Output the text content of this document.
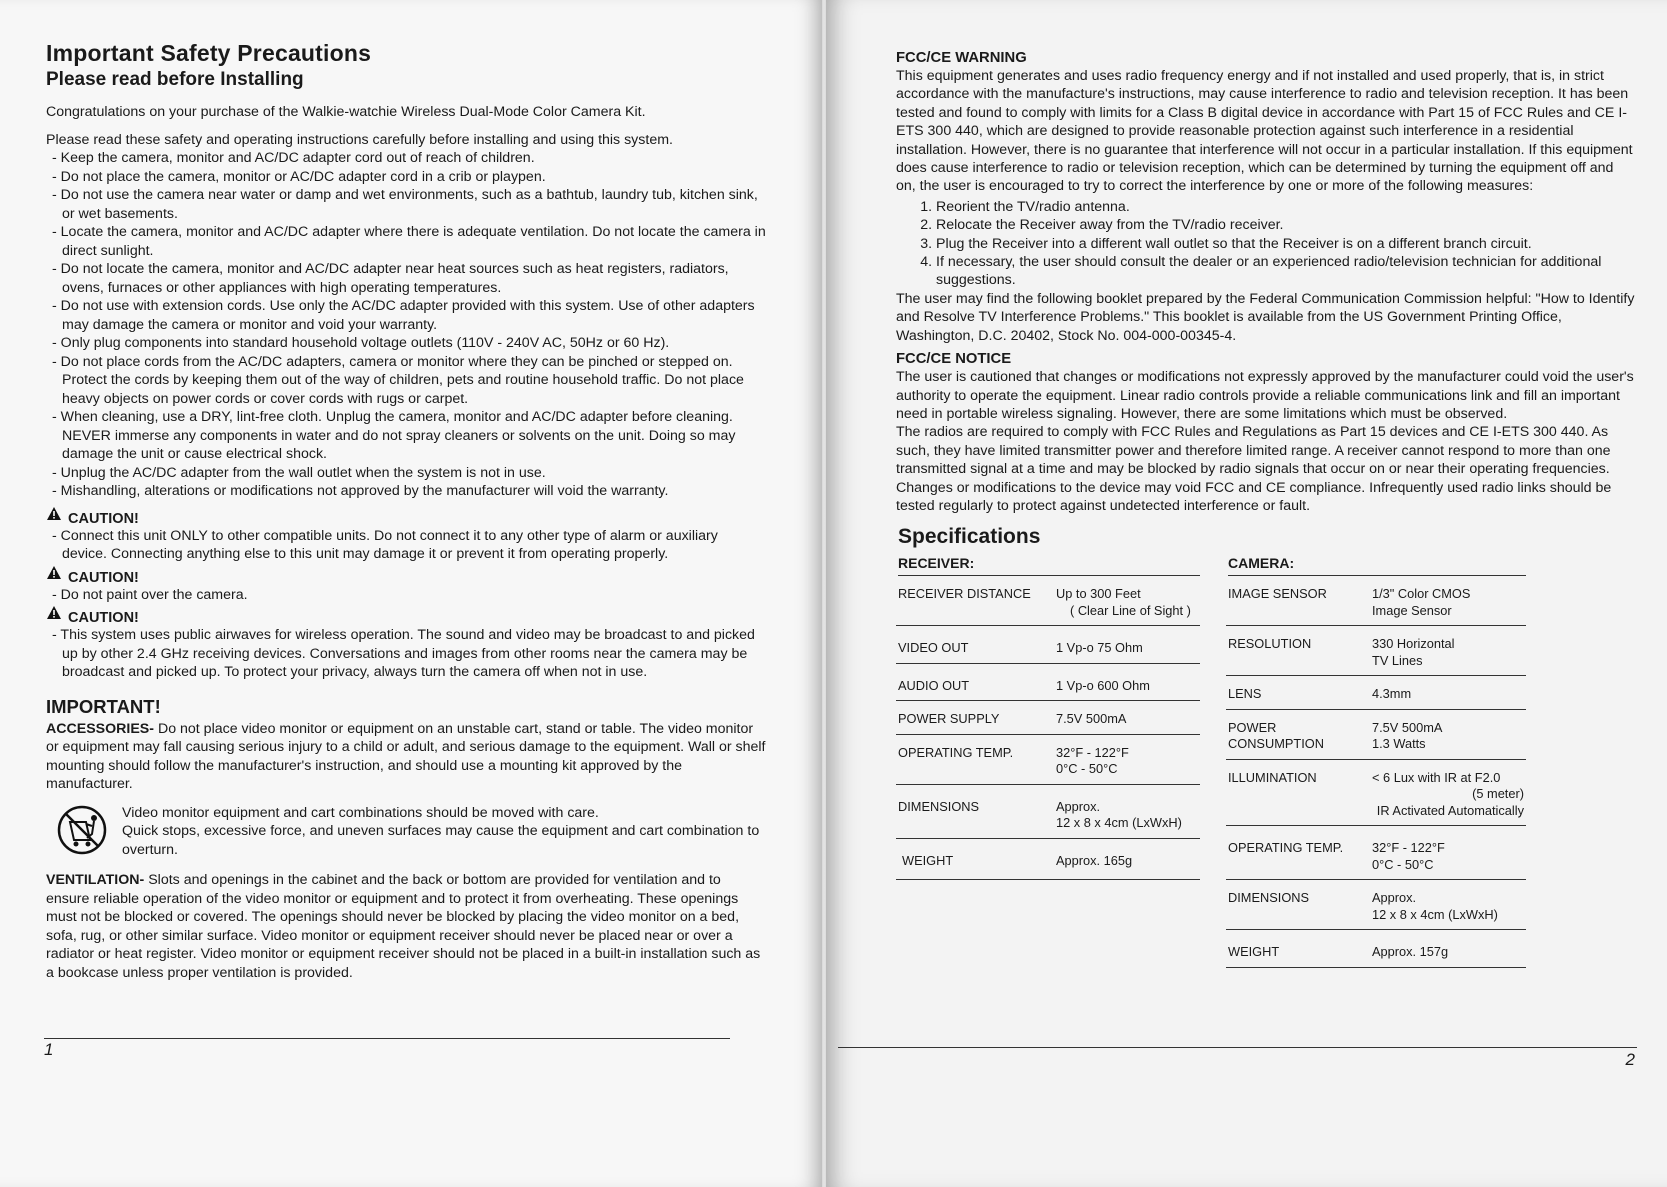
Important Safety Precautions
Please read before Installing

Congratulations on your purchase of the Walkie-watchie Wireless Dual-Mode Color Camera Kit.

Please read these safety and operating instructions carefully before installing and using this system.

- Keep the camera, monitor and AC/DC adapter cord out of reach of children.
- Do not place the camera, monitor or AC/DC adapter cord in a crib or playpen.
- Do not use the camera near water or damp and wet environments, such as a bathtub, laundry tub, kitchen sink, or wet basements.
- Locate the camera, monitor and AC/DC adapter where there is adequate ventilation. Do not locate the camera in direct sunlight.
- Do not locate the camera, monitor and AC/DC adapter near heat sources such as heat registers, radiators, ovens, furnaces or other appliances with high operating temperatures.
- Do not use with extension cords. Use only the AC/DC adapter provided with this system. Use of other adapters may damage the camera or monitor and void your warranty.
- Only plug components into standard household voltage outlets (110V - 240V AC, 50Hz or 60 Hz).
- Do not place cords from the AC/DC adapters, camera or monitor where they can be pinched or stepped on. Protect the cords by keeping them out of the way of children, pets and routine household traffic. Do not place heavy objects on power cords or cover cords with rugs or carpet.
- When cleaning, use a DRY, lint-free cloth. Unplug the camera, monitor and AC/DC adapter before cleaning. NEVER immerse any components in water and do not spray cleaners or solvents on the unit. Doing so may damage the unit or cause electrical shock.
- Unplug the AC/DC adapter from the wall outlet when the system is not in use.
- Mishandling, alterations or modifications not approved by the manufacturer will void the warranty.
CAUTION!
- Connect this unit ONLY to other compatible units. Do not connect it to any other type of alarm or auxiliary device. Connecting anything else to this unit may damage it or prevent it from operating properly.
CAUTION!
- Do not paint over the camera.
CAUTION!
- This system uses public airwaves for wireless operation. The sound and video may be broadcast to and picked up by other 2.4 GHz receiving devices. Conversations and images from other rooms near the camera may be broadcast and picked up. To protect your privacy, always turn the camera off when not in use.
IMPORTANT!

ACCESSORIES- Do not place video monitor or equipment on an unstable cart, stand or table. The video monitor or equipment may fall causing serious injury to a child or adult, and serious damage to the equipment. Wall or shelf mounting should follow the manufacturer's instruction, and should use a mounting kit approved by the manufacturer.

Video monitor equipment and cart combinations should be moved with care.

Quick stops, excessive force, and uneven surfaces may cause the equipment and cart combination to overturn.

VENTILATION- Slots and openings in the cabinet and the back or bottom are provided for ventilation and to ensure reliable operation of the video monitor or equipment and to protect it from overheating. These openings must not be blocked or covered. The openings should never be blocked by placing the video monitor on a bed, sofa, rug, or other similar surface. Video monitor or equipment receiver should never be placed near or over a radiator or heat register. Video monitor or equipment receiver should not be placed in a built-in installation such as a bookcase unless proper ventilation is provided.

1
FCC/CE WARNING

This equipment generates and uses radio frequency energy and if not installed and used properly, that is, in strict accordance with the manufacture's instructions, may cause interference to radio and television reception. It has been tested and found to comply with limits for a Class B digital device in accordance with Part 15 of FCC Rules and CE I-ETS 300 440, which are designed to provide reasonable protection against such interference in a residential installation. However, there is no guarantee that interference will not occur in a particular installation. If this equipment does cause interference to radio or television reception, which can be determined by turning the equipment off and on, the user is encouraged to try to correct the interference by one or more of the following measures:

1. Reorient the TV/radio antenna.
2. Relocate the Receiver away from the TV/radio receiver.
3. Plug the Receiver into a different wall outlet so that the Receiver is on a different branch circuit.
4. If necessary, the user should consult the dealer or an experienced radio/television technician for additional suggestions.

The user may find the following booklet prepared by the Federal Communication Commission helpful: "How to Identify and Resolve TV Interference Problems." This booklet is available from the US Government Printing Office, Washington, D.C. 20402, Stock No. 004-000-00345-4.

FCC/CE NOTICE

The user is cautioned that changes or modifications not expressly approved by the manufacturer could void the user's authority to operate the equipment. Linear radio controls provide a reliable communications link and fill an important need in portable wireless signaling. However, there are some limitations which must be observed.

The radios are required to comply with FCC Rules and Regulations as Part 15 devices and CE I-ETS 300 440. As such, they have limited transmitter power and therefore limited range. A receiver cannot respond to more than one transmitted signal at a time and may be blocked by radio signals that occur on or near their operating frequencies. Changes or modifications to the device may void FCC and CE compliance. Infrequently used radio links should be tested regularly to protect against undetected interference or fault.

Specifications
RECEIVER:
RECEIVER DISTANCE	Up to 300 Feet
( Clear Line of Sight )

VIDEO OUT	1 Vp-o 75 Ohm

AUDIO OUT	1 Vp-o 600 Ohm

POWER SUPPLY	7.5V 500mA

OPERATING TEMP.	32°F - 122°F
0°C - 50°C

DIMENSIONS	Approx.
12 x 8 x 4cm (LxWxH)

WEIGHT	Approx. 165g
CAMERA:
IMAGE SENSOR	1/3" Color CMOS
Image Sensor

RESOLUTION	330 Horizontal
TV Lines

LENS	4.3mm

POWER CONSUMPTION	7.5V 500mA
1.3 Watts

ILLUMINATION	< 6 Lux with IR at F2.0
(5 meter)
IR Activated Automatically

OPERATING TEMP.	32°F - 122°F
0°C - 50°C

DIMENSIONS	Approx.
12 x 8 x 4cm (LxWxH)

WEIGHT	Approx. 157g
2
